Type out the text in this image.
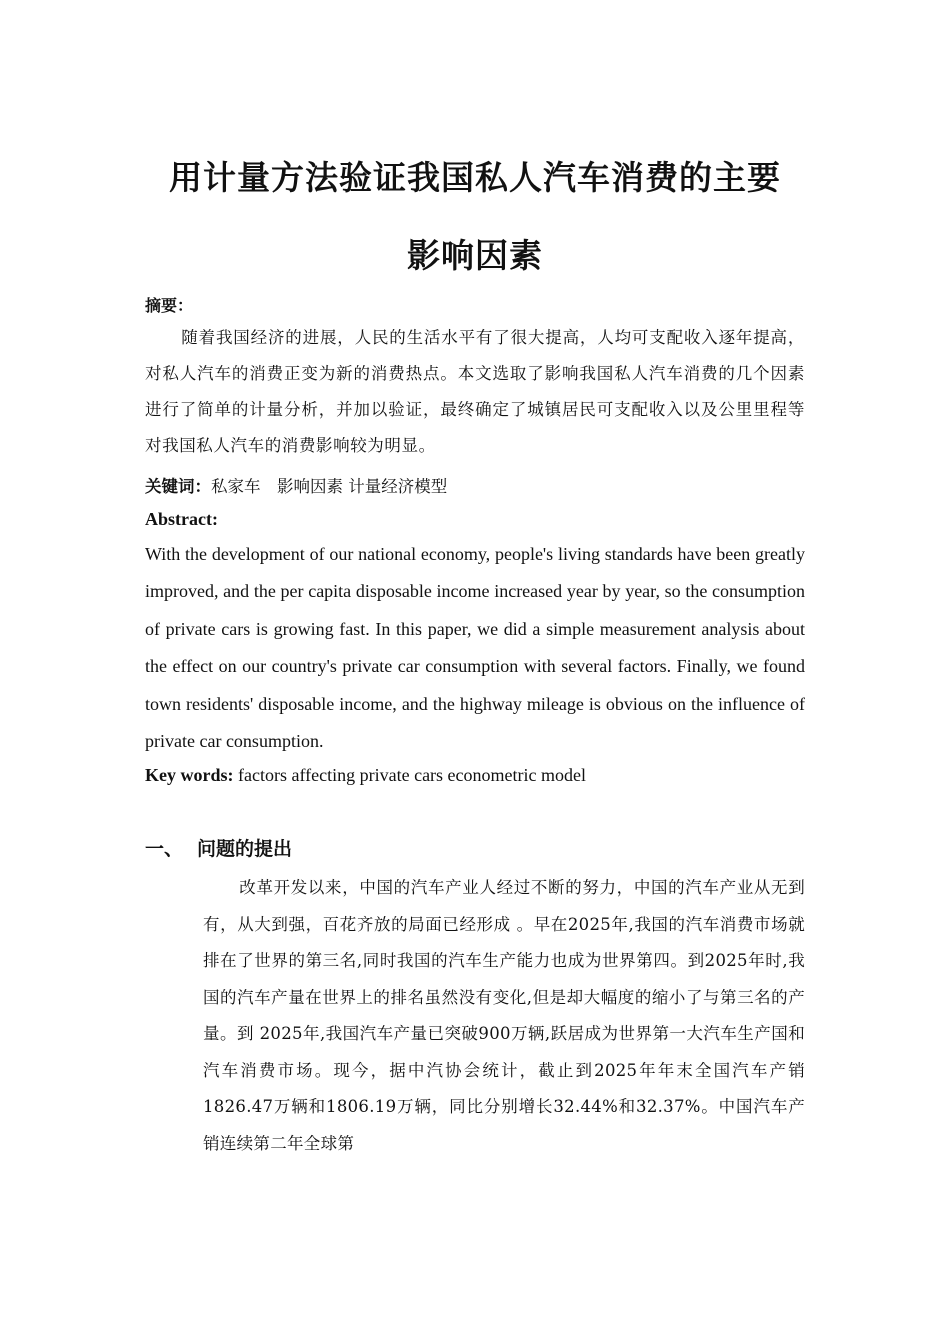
用计量方法验证我国私人汽车消费的主要
影响因素
摘要：
随着我国经济的进展，人民的生活水平有了很大提高，人均可支配收入逐年提高，对私人汽车的消费正变为新的消费热点。本文选取了影响我国私人汽车消费的几个因素进行了简单的计量分析，并加以验证，最终确定了城镇居民可支配收入以及公里里程等对我国私人汽车的消费影响较为明显。
关键词：私家车　影响因素 计量经济模型
Abstract:
With the development of our national economy, people's living standards have been greatly improved, and the per capita disposable income increased year by year, so the consumption of private cars is growing fast. In this paper, we did a simple measurement analysis about the effect on our country's private car consumption with several factors. Finally, we found town residents' disposable income, and the highway mileage is obvious on the influence of private car consumption.
Key words: factors affecting private cars econometric model
一、 问题的提出
改革开发以来，中国的汽车产业人经过不断的努力，中国的汽车产业从无到有，从大到强，百花齐放的局面已经形成 。早在2025年,我国的汽车消费市场就排在了世界的第三名,同时我国的汽车生产能力也成为世界第四。到2025年时,我国的汽车产量在世界上的排名虽然没有变化,但是却大幅度的缩小了与第三名的产量。到 2025年,我国汽车产量已突破900万辆,跃居成为世界第一大汽车生产国和汽车消费市场。现今，据中汽协会统计，截止到2025年年末全国汽车产销 1826.47万辆和1806.19万辆，同比分别增长32.44%和32.37%。中国汽车产销连续第二年全球第
